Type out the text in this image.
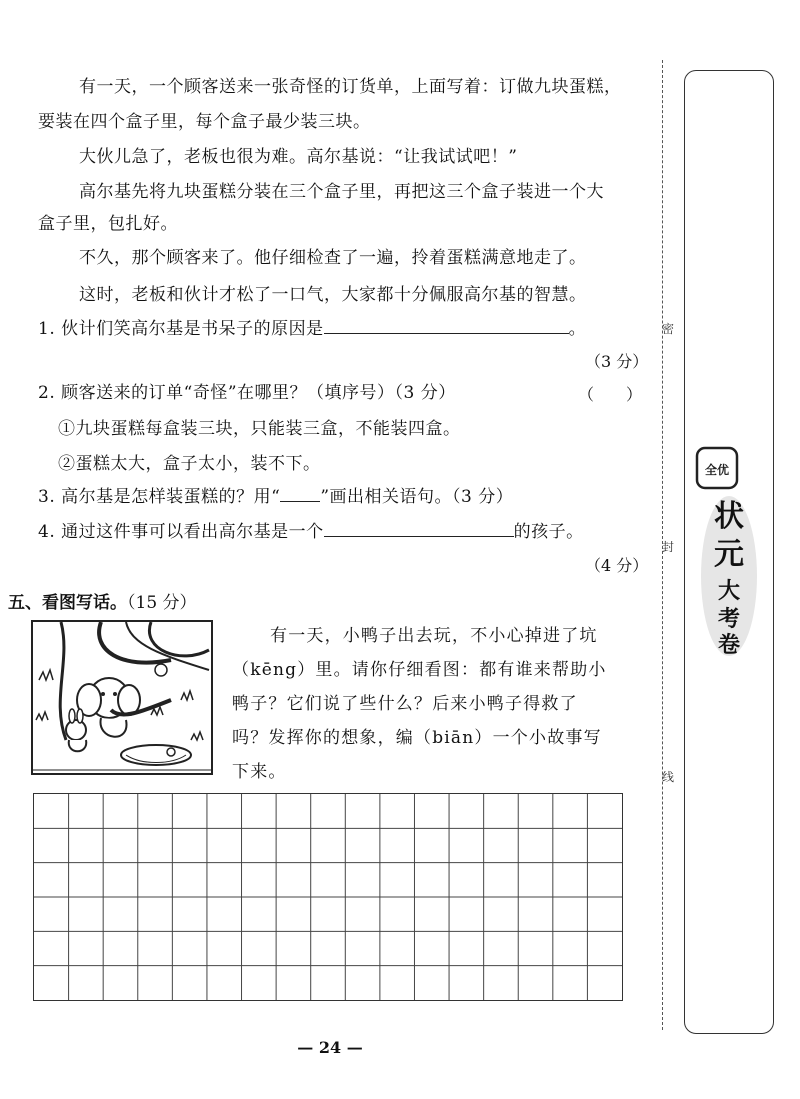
有一天，一个顾客送来一张奇怪的订货单，上面写着：订做九块蛋糕，
要装在四个盒子里，每个盒子最少装三块。
大伙儿急了，老板也很为难。高尔基说：“让我试试吧！”
高尔基先将九块蛋糕分装在三个盒子里，再把这三个盒子装进一个大
盒子里，包扎好。
不久，那个顾客来了。他仔细检查了一遍，拎着蛋糕满意地走了。
这时，老板和伙计才松了一口气，大家都十分佩服高尔基的智慧。
1. 伙计们笑高尔基是书呆子的原因是	。
（3 分）
2. 顾客送来的订单“奇怪”在哪里？（填序号）（3 分）	（　　）
①九块蛋糕每盒装三块，只能装三盒，不能装四盒。
②蛋糕太大，盒子太小，装不下。
3. 高尔基是怎样装蛋糕的？用“ ”画出相关语句。（3 分）
4. 通过这件事可以看出高尔基是一个	的孩子。
（4 分）
五、看图写话。（15 分）
有一天，小鸭子出去玩，不小心掉进了坑
（kēng）里。请你仔细看图：都有谁来帮助小
鸭子？它们说了些什么？后来小鸭子得救了
吗？发挥你的想象，编（biān）一个小故事写
下来。
密
封
线
全优
状
元
大
考
卷
— 24 —
